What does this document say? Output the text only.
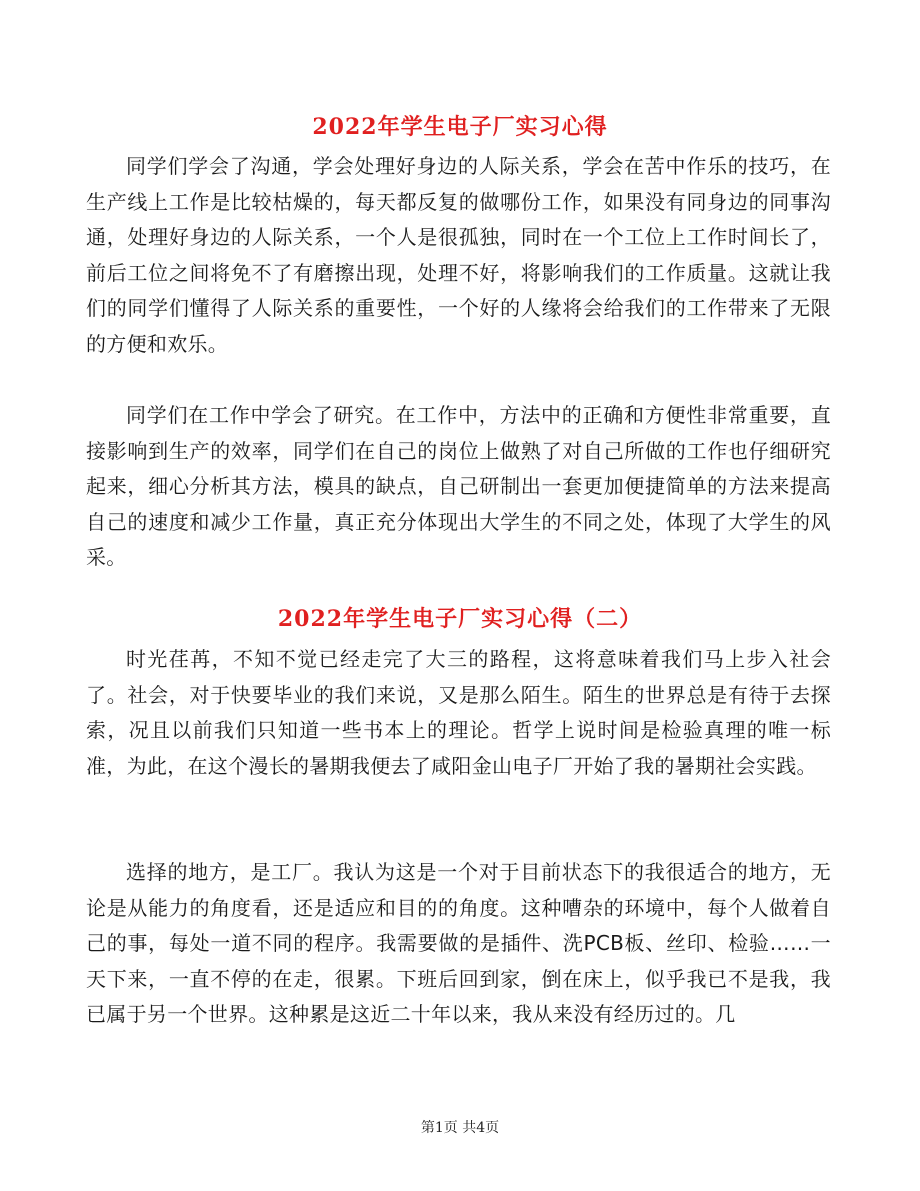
2022年学生电子厂实习心得
同学们学会了沟通，学会处理好身边的人际关系，学会在苦中作乐的技巧，在生产线上工作是比较枯燥的，每天都反复的做哪份工作，如果没有同身边的同事沟通，处理好身边的人际关系，一个人是很孤独，同时在一个工位上工作时间长了，前后工位之间将免不了有磨擦出现，处理不好，将影响我们的工作质量。这就让我们的同学们懂得了人际关系的重要性，一个好的人缘将会给我们的工作带来了无限的方便和欢乐。
同学们在工作中学会了研究。在工作中，方法中的正确和方便性非常重要，直接影响到生产的效率，同学们在自己的岗位上做熟了对自己所做的工作也仔细研究起来，细心分析其方法，模具的缺点，自己研制出一套更加便捷简单的方法来提高自己的速度和减少工作量，真正充分体现出大学生的不同之处，体现了大学生的风采。
2022年学生电子厂实习心得（二）
时光荏苒，不知不觉已经走完了大三的路程，这将意味着我们马上步入社会了。社会，对于快要毕业的我们来说，又是那么陌生。陌生的世界总是有待于去探索，况且以前我们只知道一些书本上的理论。哲学上说时间是检验真理的唯一标准，为此，在这个漫长的暑期我便去了咸阳金山电子厂开始了我的暑期社会实践。
选择的地方，是工厂。我认为这是一个对于目前状态下的我很适合的地方，无论是从能力的角度看，还是适应和目的的角度。这种嘈杂的环境中，每个人做着自己的事，每处一道不同的程序。我需要做的是插件、洗PCB板、丝印、检验……一天下来，一直不停的在走，很累。下班后回到家，倒在床上，似乎我已不是我，我已属于另一个世界。这种累是这近二十年以来，我从来没有经历过的。几
第1页 共4页
